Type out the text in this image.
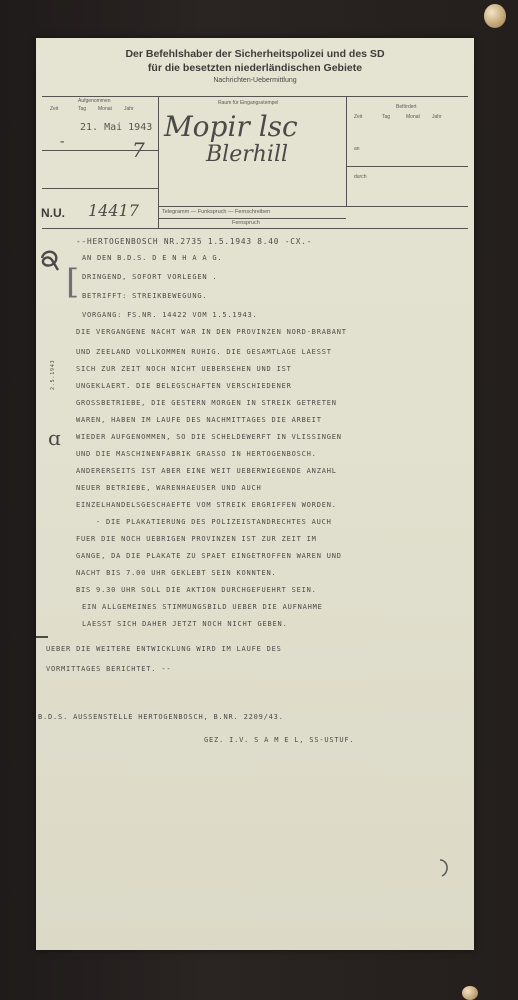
Der Befehlshaber der Sicherheitspolizei und des SD
für die besetzten niederländischen Gebiete
Nachrichten-Uebermittlung
Aufgenommen
Zeit	Tag Monat Jahr
21. Mai 1943
-	7
Raum für Eingangsstempel
Mopir lsc
Blerhill
Telegramm — Funkspruch — Fernschreiben
Fernspruch
Befördert
Zeit	Tag	Monat Jahr
an
durch
N.U. 14417
--HERTOGENBOSCH NR.2735 1.5.1943 8.40 -CX.-
AN DEN B.D.S. D E N H A A G.
DRINGEND, SOFORT VORLEGEN .
BETRIFFT: STREIKBEWEGUNG.
VORGANG: FS.NR. 14422 VOM 1.5.1943.
DIE VERGANGENE NACHT WAR IN DEN PROVINZEN NORD-BRABANT
UND ZEELAND VOLLKOMMEN RUHIG. DIE GESAMTLAGE LAESST
SICH ZUR ZEIT NOCH NICHT UEBERSEHEN UND IST
UNGEKLAERT. DIE BELEGSCHAFTEN VERSCHIEDENER
GROSSBETRIEBE, DIE GESTERN MORGEN IN STREIK GETRETEN
WAREN, HABEN IM LAUFE DES NACHMITTAGES DIE ARBEIT
WIEDER AUFGENOMMEN, SO DIE SCHELDEWERFT IN VLISSINGEN
UND DIE MASCHINENFABRIK GRASSO IN HERTOGENBOSCH.
ANDERERSEITS IST ABER EINE WEIT UEBERWIEGENDE ANZAHL
NEUER BETRIEBE, WARENHAEUSER UND AUCH
EINZELHANDELSGESCHAEFTE VOM STREIK ERGRIFFEN WORDEN.
- DIE PLAKATIERUNG DES POLIZEISTANDRECHTES AUCH
FUER DIE NOCH UEBRIGEN PROVINZEN IST ZUR ZEIT IM
GANGE, DA DIE PLAKATE ZU SPAET EINGETROFFEN WAREN UND
NACHT BIS 7.00 UHR GEKLEBT SEIN KONNTEN.
BIS 9.30 UHR SOLL DIE AKTION DURCHGEFUEHRT SEIN.
EIN ALLGEMEINES STIMMUNGSBILD UEBER DIE AUFNAHME
LAESST SICH DAHER JETZT NOCH NICHT GEBEN.
UEBER DIE WEITERE ENTWICKLUNG WIRD IM LAUFE DES
VORMITTAGES BERICHTET. --
B.D.S. AUSSENSTELLE HERTOGENBOSCH, B.NR. 2209/43.
GEZ. I.V. S A M E L, SS-USTUF.
2.5.1943
ɑ
[
